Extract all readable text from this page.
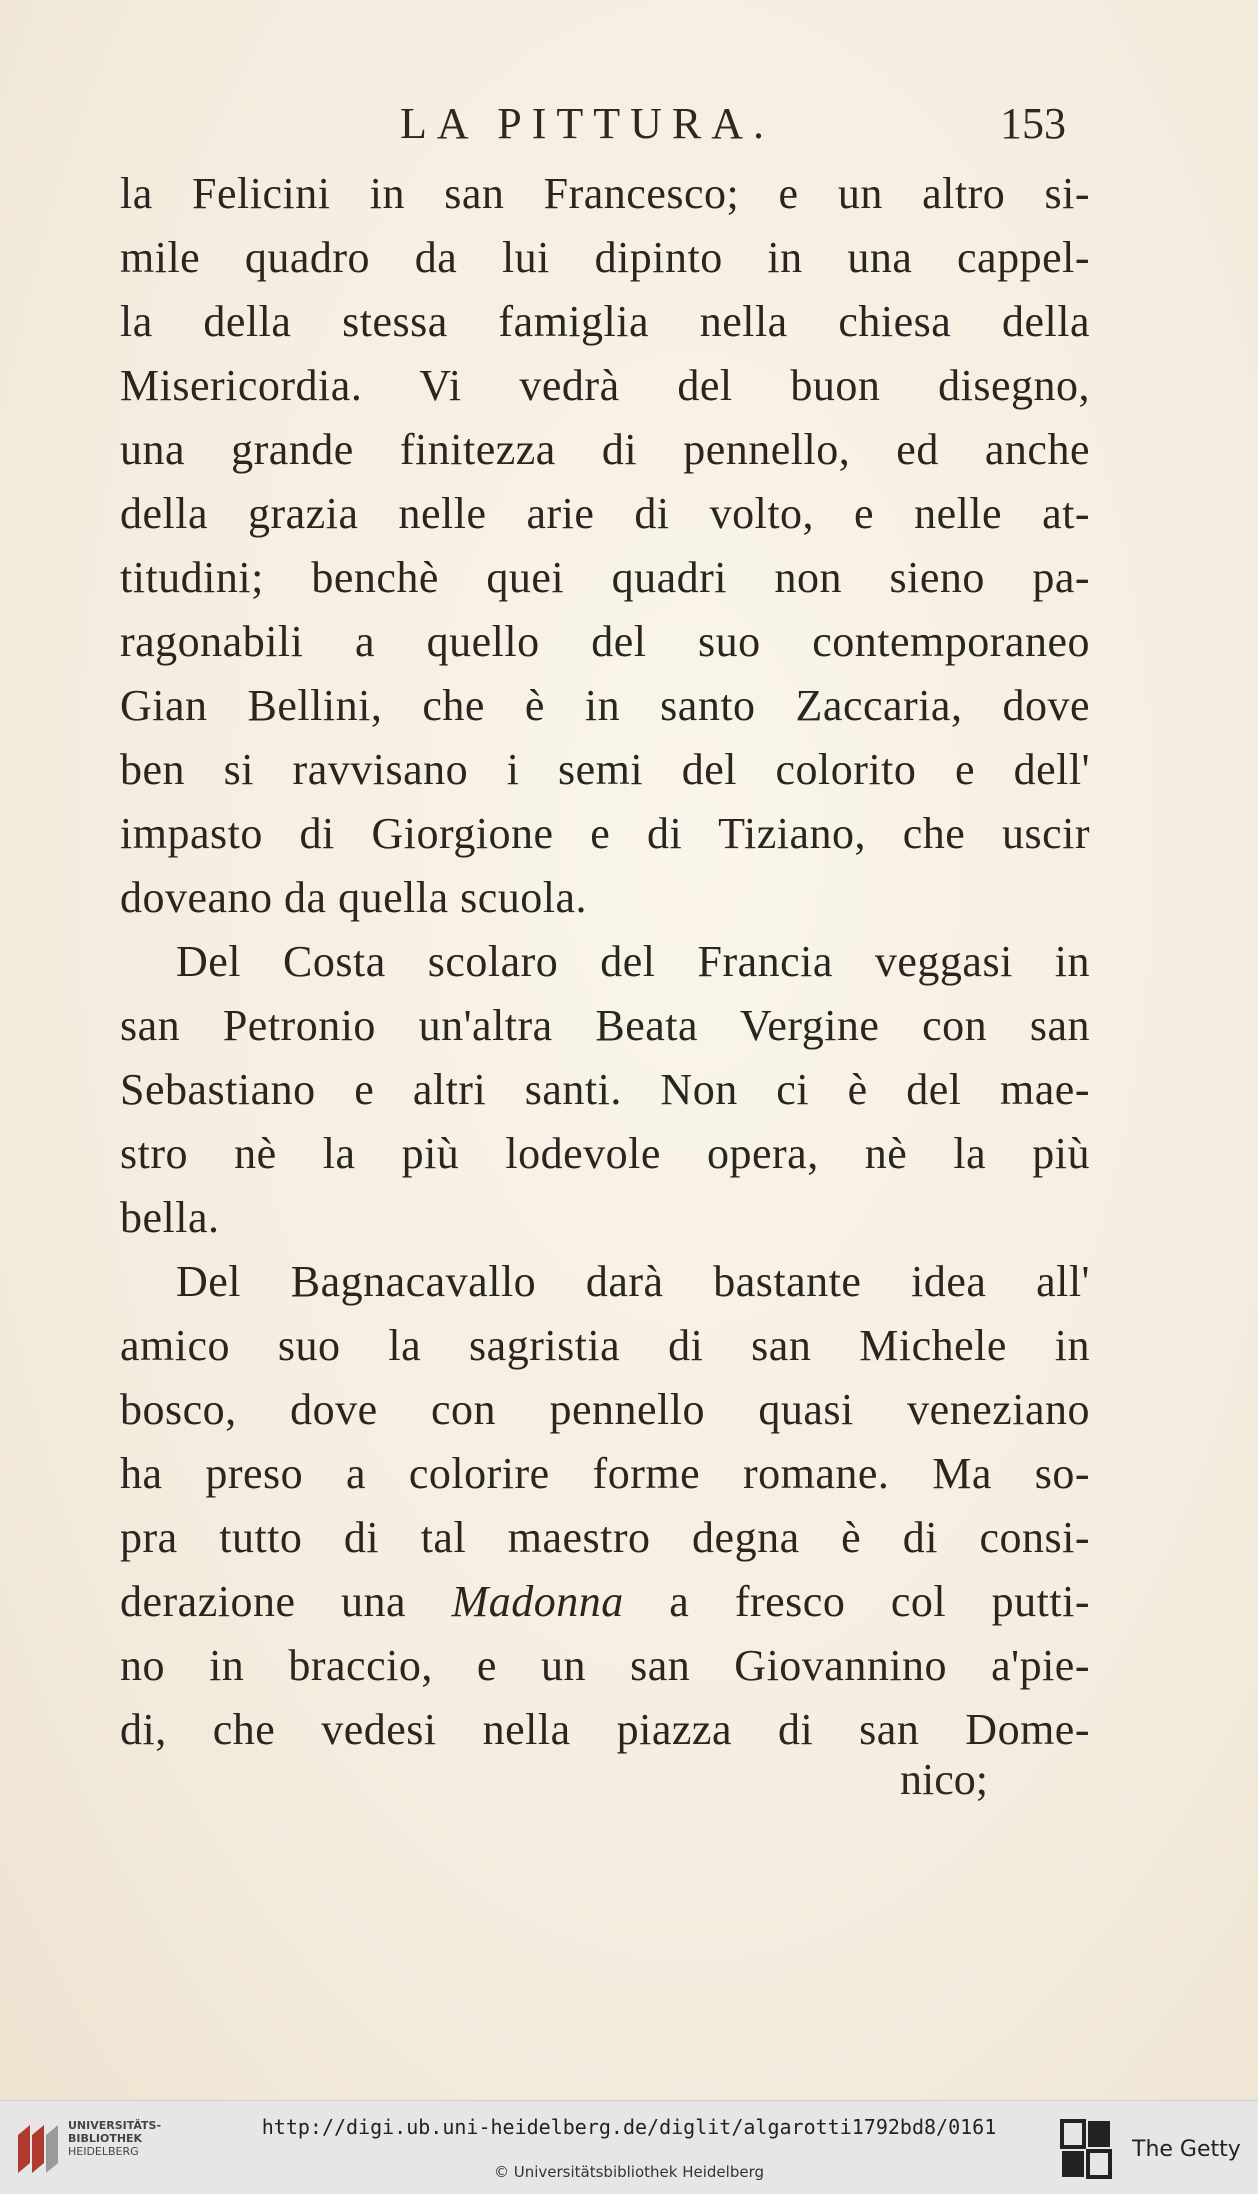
LA PITTURA.	153
la Felicini in san Francesco; e un altro si-
mile quadro da lui dipinto in una cappel-
la della stessa famiglia nella chiesa della
Misericordia. Vi vedrà del buon disegno,
una grande finitezza di pennello, ed anche
della grazia nelle arie di volto, e nelle at-
titudini; benchè quei quadri non sieno pa-
ragonabili a quello del suo contemporaneo
Gian Bellini, che è in santo Zaccaria, dove
ben si ravvisano i semi del colorito e dell'
impasto di Giorgione e di Tiziano, che uscir
doveano da quella scuola.
Del Costa scolaro del Francia veggasi in
san Petronio un'altra Beata Vergine con san
Sebastiano e altri santi. Non ci è del mae-
stro nè la più lodevole opera, nè la più
bella.
Del Bagnacavallo darà bastante idea all'
amico suo la sagristia di san Michele in
bosco, dove con pennello quasi veneziano
ha preso a colorire forme romane. Ma so-
pra tutto di tal maestro degna è di consi-
derazione una Madonna a fresco col putti-
no in braccio, e un san Giovannino a'pie-
di, che vedesi nella piazza di san Dome-
nico;
UNIVERSITÄTS-
BIBLIOTHEK
HEIDELBERG
http://digi.ub.uni-heidelberg.de/diglit/algarotti1792bd8/0161
© Universitätsbibliothek Heidelberg
The Getty
